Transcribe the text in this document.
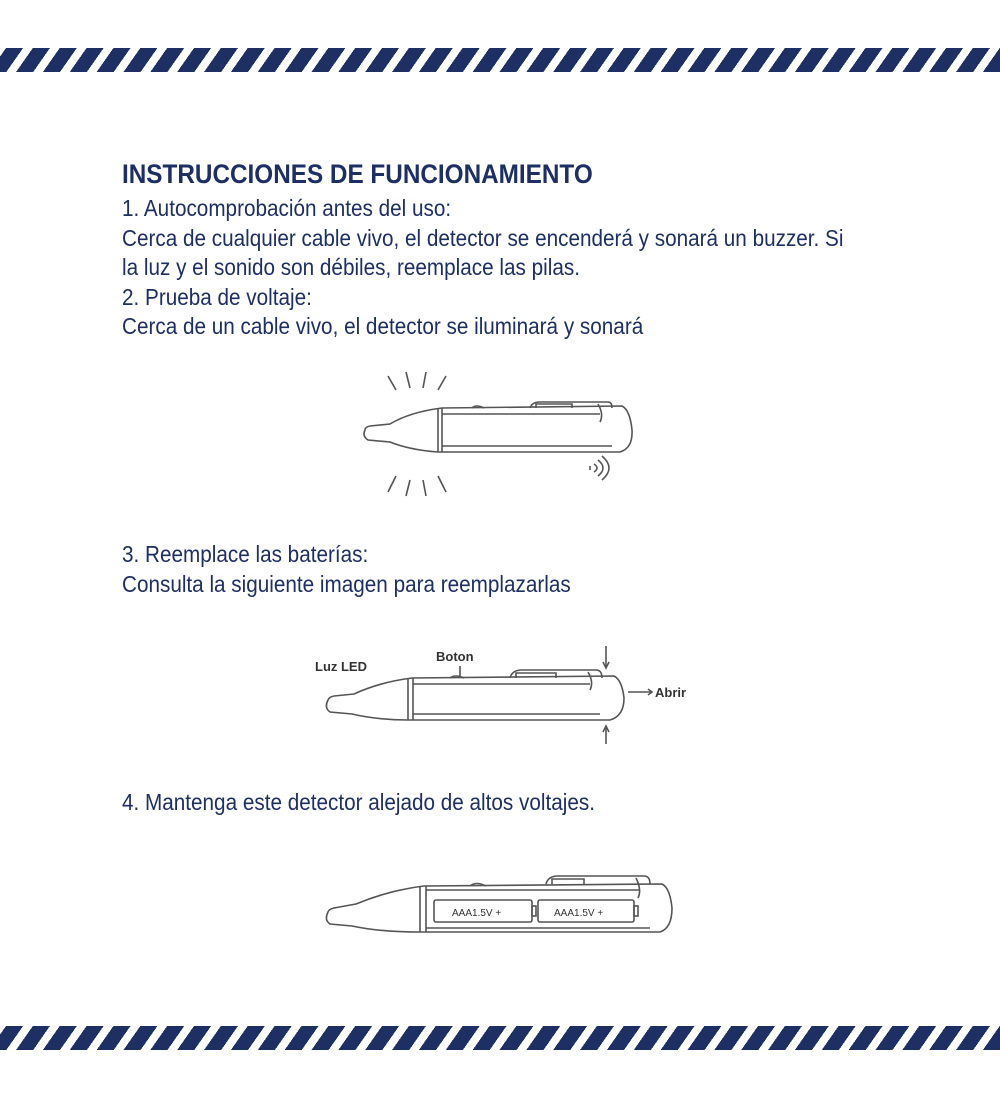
INSTRUCCIONES DE FUNCIONAMIENTO

1. Autocomprobación antes del uso:

Cerca de cualquier cable vivo, el detector se encenderá y sonará un buzzer. Si

la luz y el sonido son débiles, reemplace las pilas.

2. Prueba de voltaje:

Cerca de un cable vivo, el detector se iluminará y sonará

3. Reemplace las baterías:

Consulta la siguiente imagen para reemplazarlas

Luz LED
Boton
Abrir

4. Mantenga este detector alejado de altos voltajes.

AAA1.5V +	AAA1.5V +
